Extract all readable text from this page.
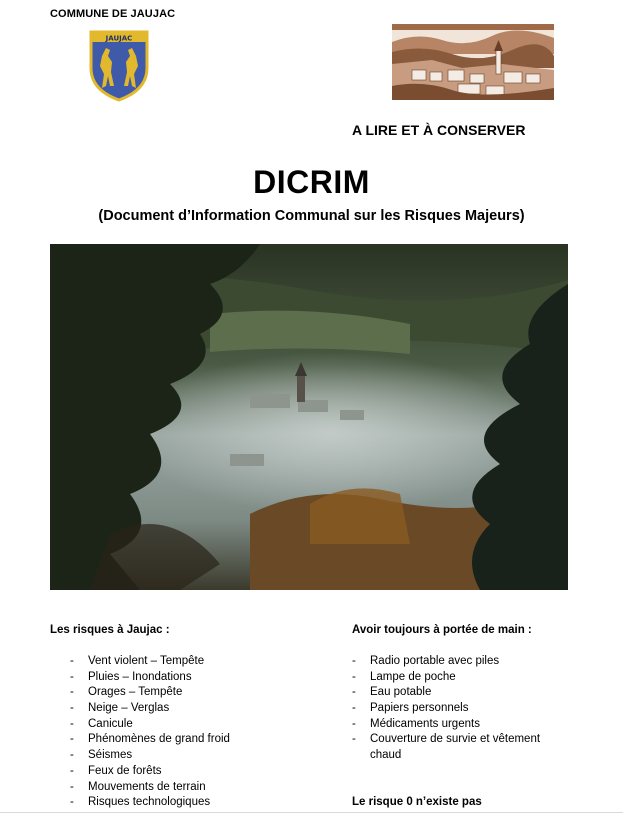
COMMUNE DE JAUJAC
JAUJAC
A LIRE ET À CONSERVER
DICRIM
(Document d’Information Communal sur les Risques Majeurs)
Les risques à Jaujac :
- Vent violent – Tempête
- Pluies – Inondations
- Orages – Tempête
- Neige – Verglas
- Canicule
- Phénomènes de grand froid
- Séismes
- Feux de forêts
- Mouvements de terrain
- Risques technologiques
Avoir toujours à portée de main :
- Radio portable avec piles
- Lampe de poche
- Eau potable
- Papiers personnels
- Médicaments urgents
- Couverture de survie et vêtement chaud
Le risque 0 n’existe pas
